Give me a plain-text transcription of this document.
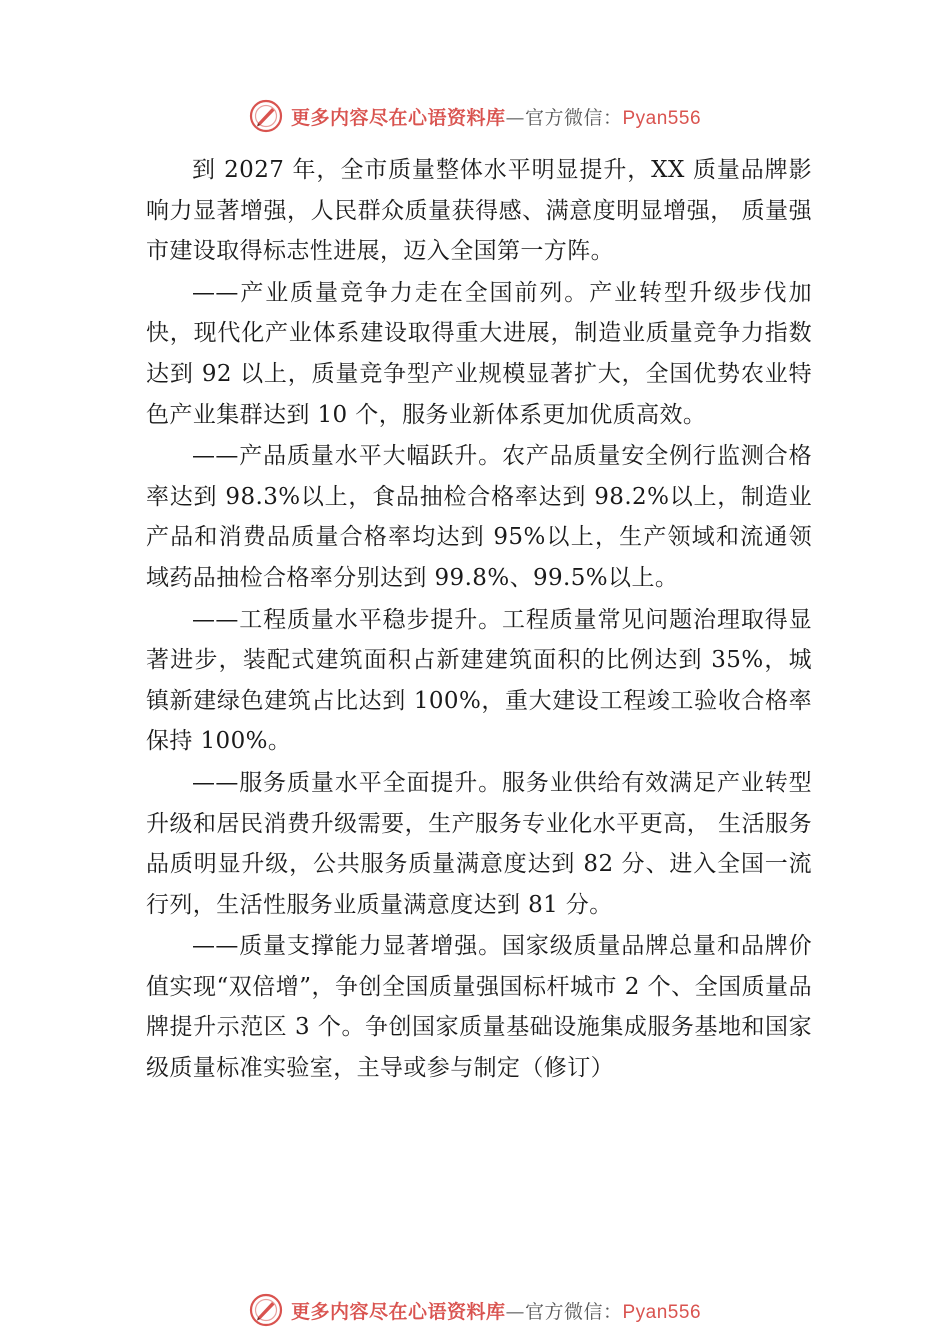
更多内容尽在心语资料库—官方微信：Pyan556

到 2027 年，全市质量整体水平明显提升，XX 质量品牌影响力显著增强，人民群众质量获得感、满意度明显增强， 质量强市建设取得标志性进展，迈入全国第一方阵。

——产业质量竞争力走在全国前列。产业转型升级步伐加快，现代化产业体系建设取得重大进展，制造业质量竞争力指数达到 92 以上，质量竞争型产业规模显著扩大，全国优势农业特色产业集群达到 10 个，服务业新体系更加优质高效。

——产品质量水平大幅跃升。农产品质量安全例行监测合格率达到 98.3%以上，食品抽检合格率达到 98.2%以上，制造业产品和消费品质量合格率均达到 95%以上，生产领域和流通领域药品抽检合格率分别达到 99.8%、99.5%以上。

——工程质量水平稳步提升。工程质量常见问题治理取得显著进步，装配式建筑面积占新建建筑面积的比例达到 35%，城镇新建绿色建筑占比达到 100%，重大建设工程竣工验收合格率保持 100%。

——服务质量水平全面提升。服务业供给有效满足产业转型升级和居民消费升级需要，生产服务专业化水平更高， 生活服务品质明显升级，公共服务质量满意度达到 82 分、进入全国一流行列，生活性服务业质量满意度达到 81 分。

——质量支撑能力显著增强。国家级质量品牌总量和品牌价值实现“双倍增”，争创全国质量强国标杆城市 2 个、全国质量品牌提升示范区 3 个。争创国家质量基础设施集成服务基地和国家级质量标准实验室，主导或参与制定（修订）

更多内容尽在心语资料库—官方微信：Pyan556
